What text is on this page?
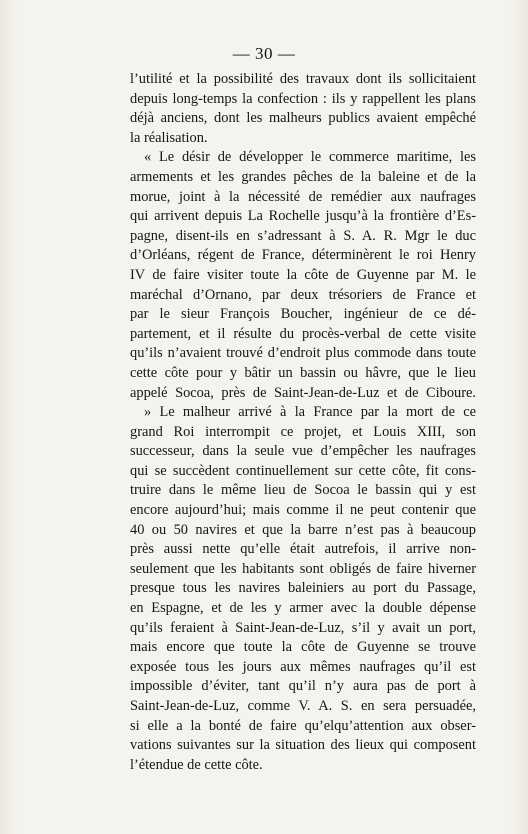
— 30 —
l’utilité et la possibilité des travaux dont ils sollicitaient
depuis long-temps la confection : ils y rappellent les plans
déjà anciens, dont les malheurs publics avaient empêché
la réalisation.
« Le désir de développer le commerce maritime, les
armements et les grandes pêches de la baleine et de la
morue, joint à la nécessité de remédier aux naufrages
qui arrivent depuis La Rochelle jusqu’à la frontière d’Es-
pagne, disent-ils en s’adressant à S. A. R. Mgr le duc
d’Orléans, régent de France, déterminèrent le roi Henry
IV de faire visiter toute la côte de Guyenne par M. le
maréchal d’Ornano, par deux trésoriers de France et
par le sieur François Boucher, ingénieur de ce dé-
partement, et il résulte du procès-verbal de cette visite
qu’ils n’avaient trouvé d’endroit plus commode dans toute
cette côte pour y bâtir un bassin ou hâvre, que le lieu
appelé Socoa, près de Saint-Jean-de-Luz et de Ciboure.
» Le malheur arrivé à la France par la mort de ce
grand Roi interrompit ce projet, et Louis XIII, son
successeur, dans la seule vue d’empêcher les naufrages
qui se succèdent continuellement sur cette côte, fit cons-
truire dans le même lieu de Socoa le bassin qui y est
encore aujourd’hui; mais comme il ne peut contenir que
40 ou 50 navires et que la barre n’est pas à beaucoup
près aussi nette qu’elle était autrefois, il arrive non-
seulement que les habitants sont obligés de faire hiverner
presque tous les navires baleiniers au port du Passage,
en Espagne, et de les y armer avec la double dépense
qu’ils feraient à Saint-Jean-de-Luz, s’il y avait un port,
mais encore que toute la côte de Guyenne se trouve
exposée tous les jours aux mêmes naufrages qu’il est
impossible d’éviter, tant qu’il n’y aura pas de port à
Saint-Jean-de-Luz, comme V. A. S. en sera persuadée,
si elle a la bonté de faire qu’elqu’attention aux obser-
vations suivantes sur la situation des lieux qui composent
l’étendue de cette côte.
